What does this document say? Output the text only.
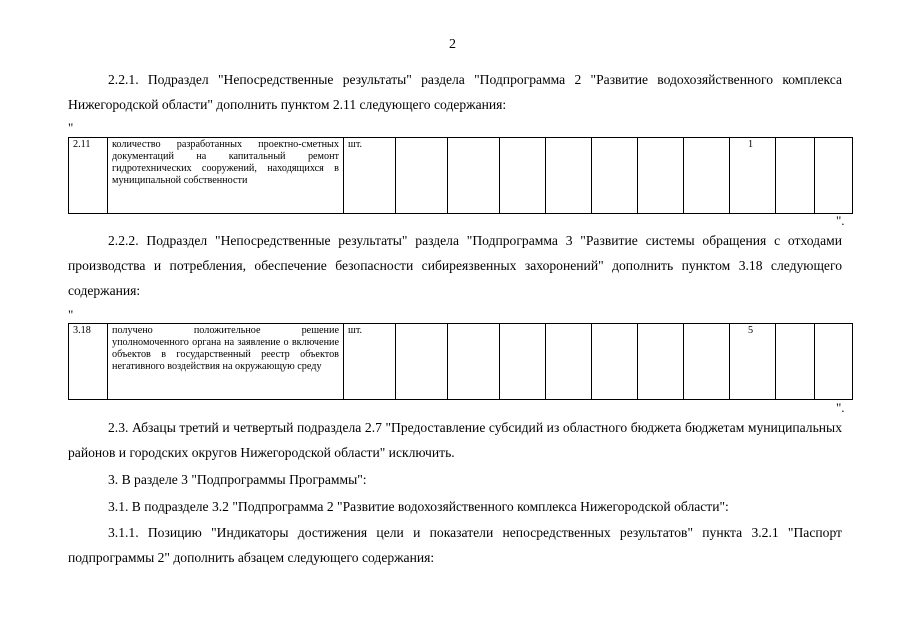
2

2.2.1. Подраздел "Непосредственные результаты" раздела "Подпрограмма 2 "Развитие водохозяйственного комплекса Нижегородской области" дополнить пунктом 2.11 следующего содержания:

"
2.11	количество разработанных проектно-сметных документаций на капитальный ремонт гидротехнических сооружений, находящихся в муниципальной собственности	шт.								1		
".

2.2.2. Подраздел "Непосредственные результаты" раздела "Подпрограмма 3 "Развитие системы обращения с отходами производства и потребления, обеспечение безопасности сибиреязвенных захоронений" дополнить пунктом 3.18 следующего содержания:

"
3.18	получено положительное решение уполномоченного органа на заявление о включение объектов в государственный реестр объектов негативного воздействия на окружающую среду	шт.								5		
".

2.3. Абзацы третий и четвертый подраздела 2.7 "Предоставление субсидий из областного бюджета бюджетам муниципальных районов и городских округов Нижегородской области" исключить.

3. В разделе 3 "Подпрограммы Программы":

3.1. В подразделе 3.2 "Подпрограмма 2 "Развитие водохозяйственного комплекса Нижегородской области":

3.1.1. Позицию "Индикаторы достижения цели и показатели непосредственных результатов" пункта 3.2.1 "Паспорт подпрограммы 2" дополнить абзацем следующего содержания:
